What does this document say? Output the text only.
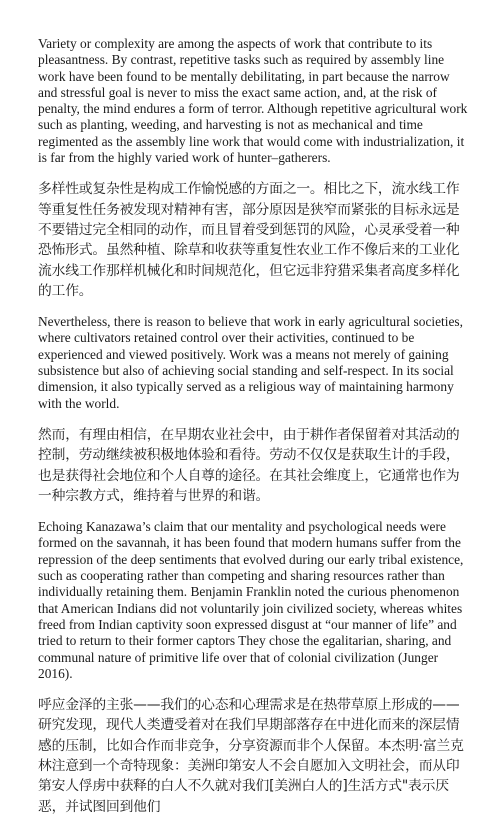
Variety or complexity are among the aspects of work that contribute to its pleasantness. By contrast, repetitive tasks such as required by assembly line work have been found to be mentally debilitating, in part because the narrow and stressful goal is never to miss the exact same action, and, at the risk of penalty, the mind endures a form of terror. Although repetitive agricultural work such as planting, weeding, and harvesting is not as mechanical and time regimented as the assembly line work that would come with industrialization, it is far from the highly varied work of hunter–gatherers.

多样性或复杂性是构成工作愉悦感的方面之一。相比之下，流水线工作等重复性任务被发现对精神有害，部分原因是狭窄而紧张的目标永远是不要错过完全相同的动作，而且冒着受到惩罚的风险，心灵承受着一种恐怖形式。虽然种植、除草和收获等重复性农业工作不像后来的工业化流水线工作那样机械化和时间规范化，但它远非狩猎采集者高度多样化的工作。

Nevertheless, there is reason to believe that work in early agricultural societies, where cultivators retained control over their activities, continued to be experienced and viewed positively. Work was a means not merely of gaining subsistence but also of achieving social standing and self-respect. In its social dimension, it also typically served as a religious way of maintaining harmony with the world.

然而，有理由相信，在早期农业社会中，由于耕作者保留着对其活动的控制，劳动继续被积极地体验和看待。劳动不仅仅是获取生计的手段，也是获得社会地位和个人自尊的途径。在其社会维度上，它通常也作为一种宗教方式，维持着与世界的和谐。

Echoing Kanazawa’s claim that our mentality and psychological needs were formed on the savannah, it has been found that modern humans suffer from the repression of the deep sentiments that evolved during our early tribal existence, such as cooperating rather than competing and sharing resources rather than individually retaining them. Benjamin Franklin noted the curious phenomenon that American Indians did not voluntarily join civilized society, whereas whites freed from Indian captivity soon expressed disgust at “our manner of life” and tried to return to their former captors They chose the egalitarian, sharing, and communal nature of primitive life over that of colonial civilization (Junger 2016).

呼应金泽的主张——我们的心态和心理需求是在热带草原上形成的——研究发现，现代人类遭受着对在我们早期部落存在中进化而来的深层情感的压制，比如合作而非竞争，分享资源而非个人保留。本杰明·富兰克林注意到一个奇特现象：美洲印第安人不会自愿加入文明社会，而从印第安人俘虏中获释的白人不久就对我们[美洲白人的]生活方式"表示厌恶，并试图回到他们
